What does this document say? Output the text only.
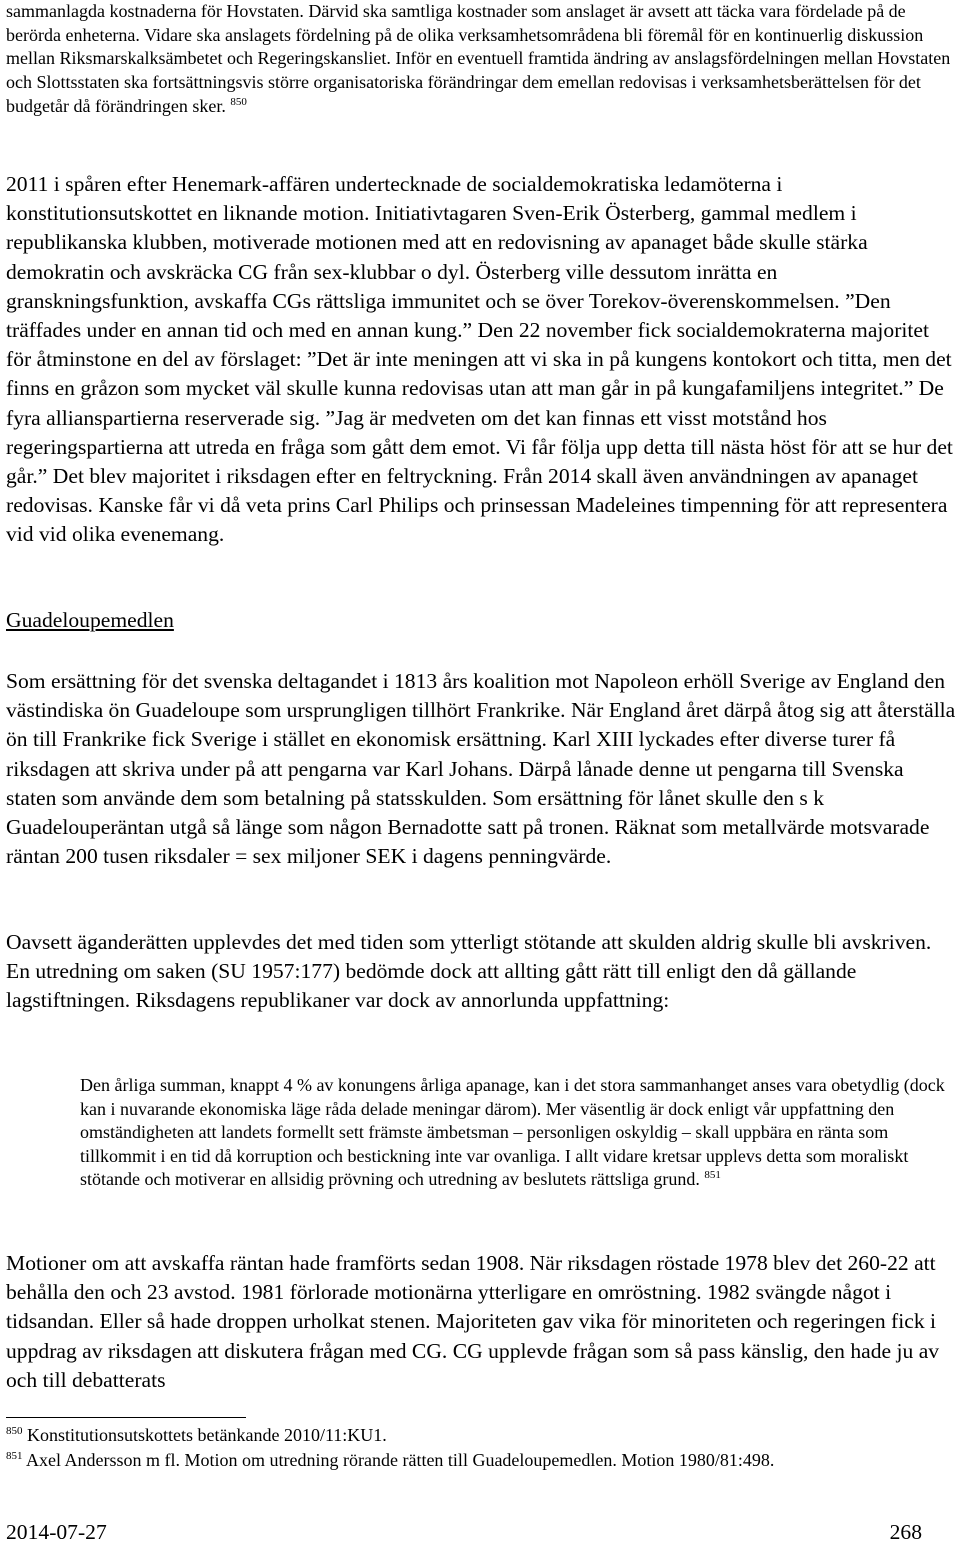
sammanlagda kostnaderna för Hovstaten. Därvid ska samtliga kostnader som anslaget är avsett att täcka vara fördelade på de berörda enheterna. Vidare ska anslagets fördelning på de olika verksamhetsområdena bli föremål för en kontinuerlig diskussion mellan Riksmarskalksämbetet och Regeringskansliet. Inför en eventuell framtida ändring av anslagsfördelningen mellan Hovstaten och Slottsstaten ska fortsättningsvis större organisatoriska förändringar dem emellan redovisas i verksamhetsberättelsen för det budgetår då förändringen sker. $^{850}$

2011 i spåren efter Henemark-affären undertecknade de socialdemokratiska ledamöterna i konstitutionsutskottet en liknande motion. Initiativtagaren Sven-Erik Österberg, gammal medlem i republikanska klubben, motiverade motionen med att en redovisning av apanaget både skulle stärka demokratin och avskräcka CG från sex-klubbar o dyl. Österberg ville dessutom inrätta en granskningsfunktion, avskaffa CGs rättsliga immunitet och se över Torekov-överenskommelsen. ”Den träffades under en annan tid och med en annan kung.” Den 22 november fick socialdemokraterna majoritet för åtminstone en del av förslaget: ”Det är inte meningen att vi ska in på kungens kontokort och titta, men det finns en gråzon som mycket väl skulle kunna redovisas utan att man går in på kungafamiljens integritet.” De fyra allianspartierna reserverade sig. ”Jag är medveten om det kan finnas ett visst motstånd hos regeringspartierna att utreda en fråga som gått dem emot. Vi får följa upp detta till nästa höst för att se hur det går.” Det blev majoritet i riksdagen efter en feltryckning. Från 2014 skall även användningen av apanaget redovisas. Kanske får vi då veta prins Carl Philips och prinsessan Madeleines timpenning för att representera vid vid olika evenemang.

Guadeloupemedlen

Som ersättning för det svenska deltagandet i 1813 års koalition mot Napoleon erhöll Sverige av England den västindiska ön Guadeloupe som ursprungligen tillhört Frankrike. När England året därpå åtog sig att återställa ön till Frankrike fick Sverige i stället en ekonomisk ersättning. Karl XIII lyckades efter diverse turer få riksdagen att skriva under på att pengarna var Karl Johans. Därpå lånade denne ut pengarna till Svenska staten som använde dem som betalning på statsskulden. Som ersättning för lånet skulle den s k Guadelouperäntan utgå så länge som någon Bernadotte satt på tronen. Räknat som metallvärde motsvarade räntan 200 tusen riksdaler = sex miljoner SEK i dagens penningvärde.

Oavsett äganderätten upplevdes det med tiden som ytterligt stötande att skulden aldrig skulle bli avskriven. En utredning om saken (SU 1957:177) bedömde dock att allting gått rätt till enligt den då gällande lagstiftningen. Riksdagens republikaner var dock av annorlunda uppfattning:

Den årliga summan, knappt 4 % av konungens årliga apanage, kan i det stora sammanhanget anses vara obetydlig (dock kan i nuvarande ekonomiska läge råda delade meningar därom). Mer väsentlig är dock enligt vår uppfattning den omständigheten att landets formellt sett främste ämbetsman – personligen oskyldig – skall uppbära en ränta som tillkommit i en tid då korruption och bestickning inte var ovanliga. I allt vidare kretsar upplevs detta som moraliskt stötande och motiverar en allsidig prövning och utredning av beslutets rättsliga grund. $^{851}$

Motioner om att avskaffa räntan hade framförts sedan 1908. När riksdagen röstade 1978 blev det 260-22 att behålla den och 23 avstod. 1981 förlorade motionärna ytterligare en omröstning. 1982 svängde något i tidsandan. Eller så hade droppen urholkat stenen. Majoriteten gav vika för minoriteten och regeringen fick i uppdrag av riksdagen att diskutera frågan med CG. CG upplevde frågan som så pass känslig, den hade ju av och till debatterats

$^{850}$ Konstitutionsutskottets betänkande 2010/11:KU1.

$^{851}$ Axel Andersson m fl. Motion om utredning rörande rätten till Guadeloupemedlen. Motion 1980/81:498.

2014-07-27	268
